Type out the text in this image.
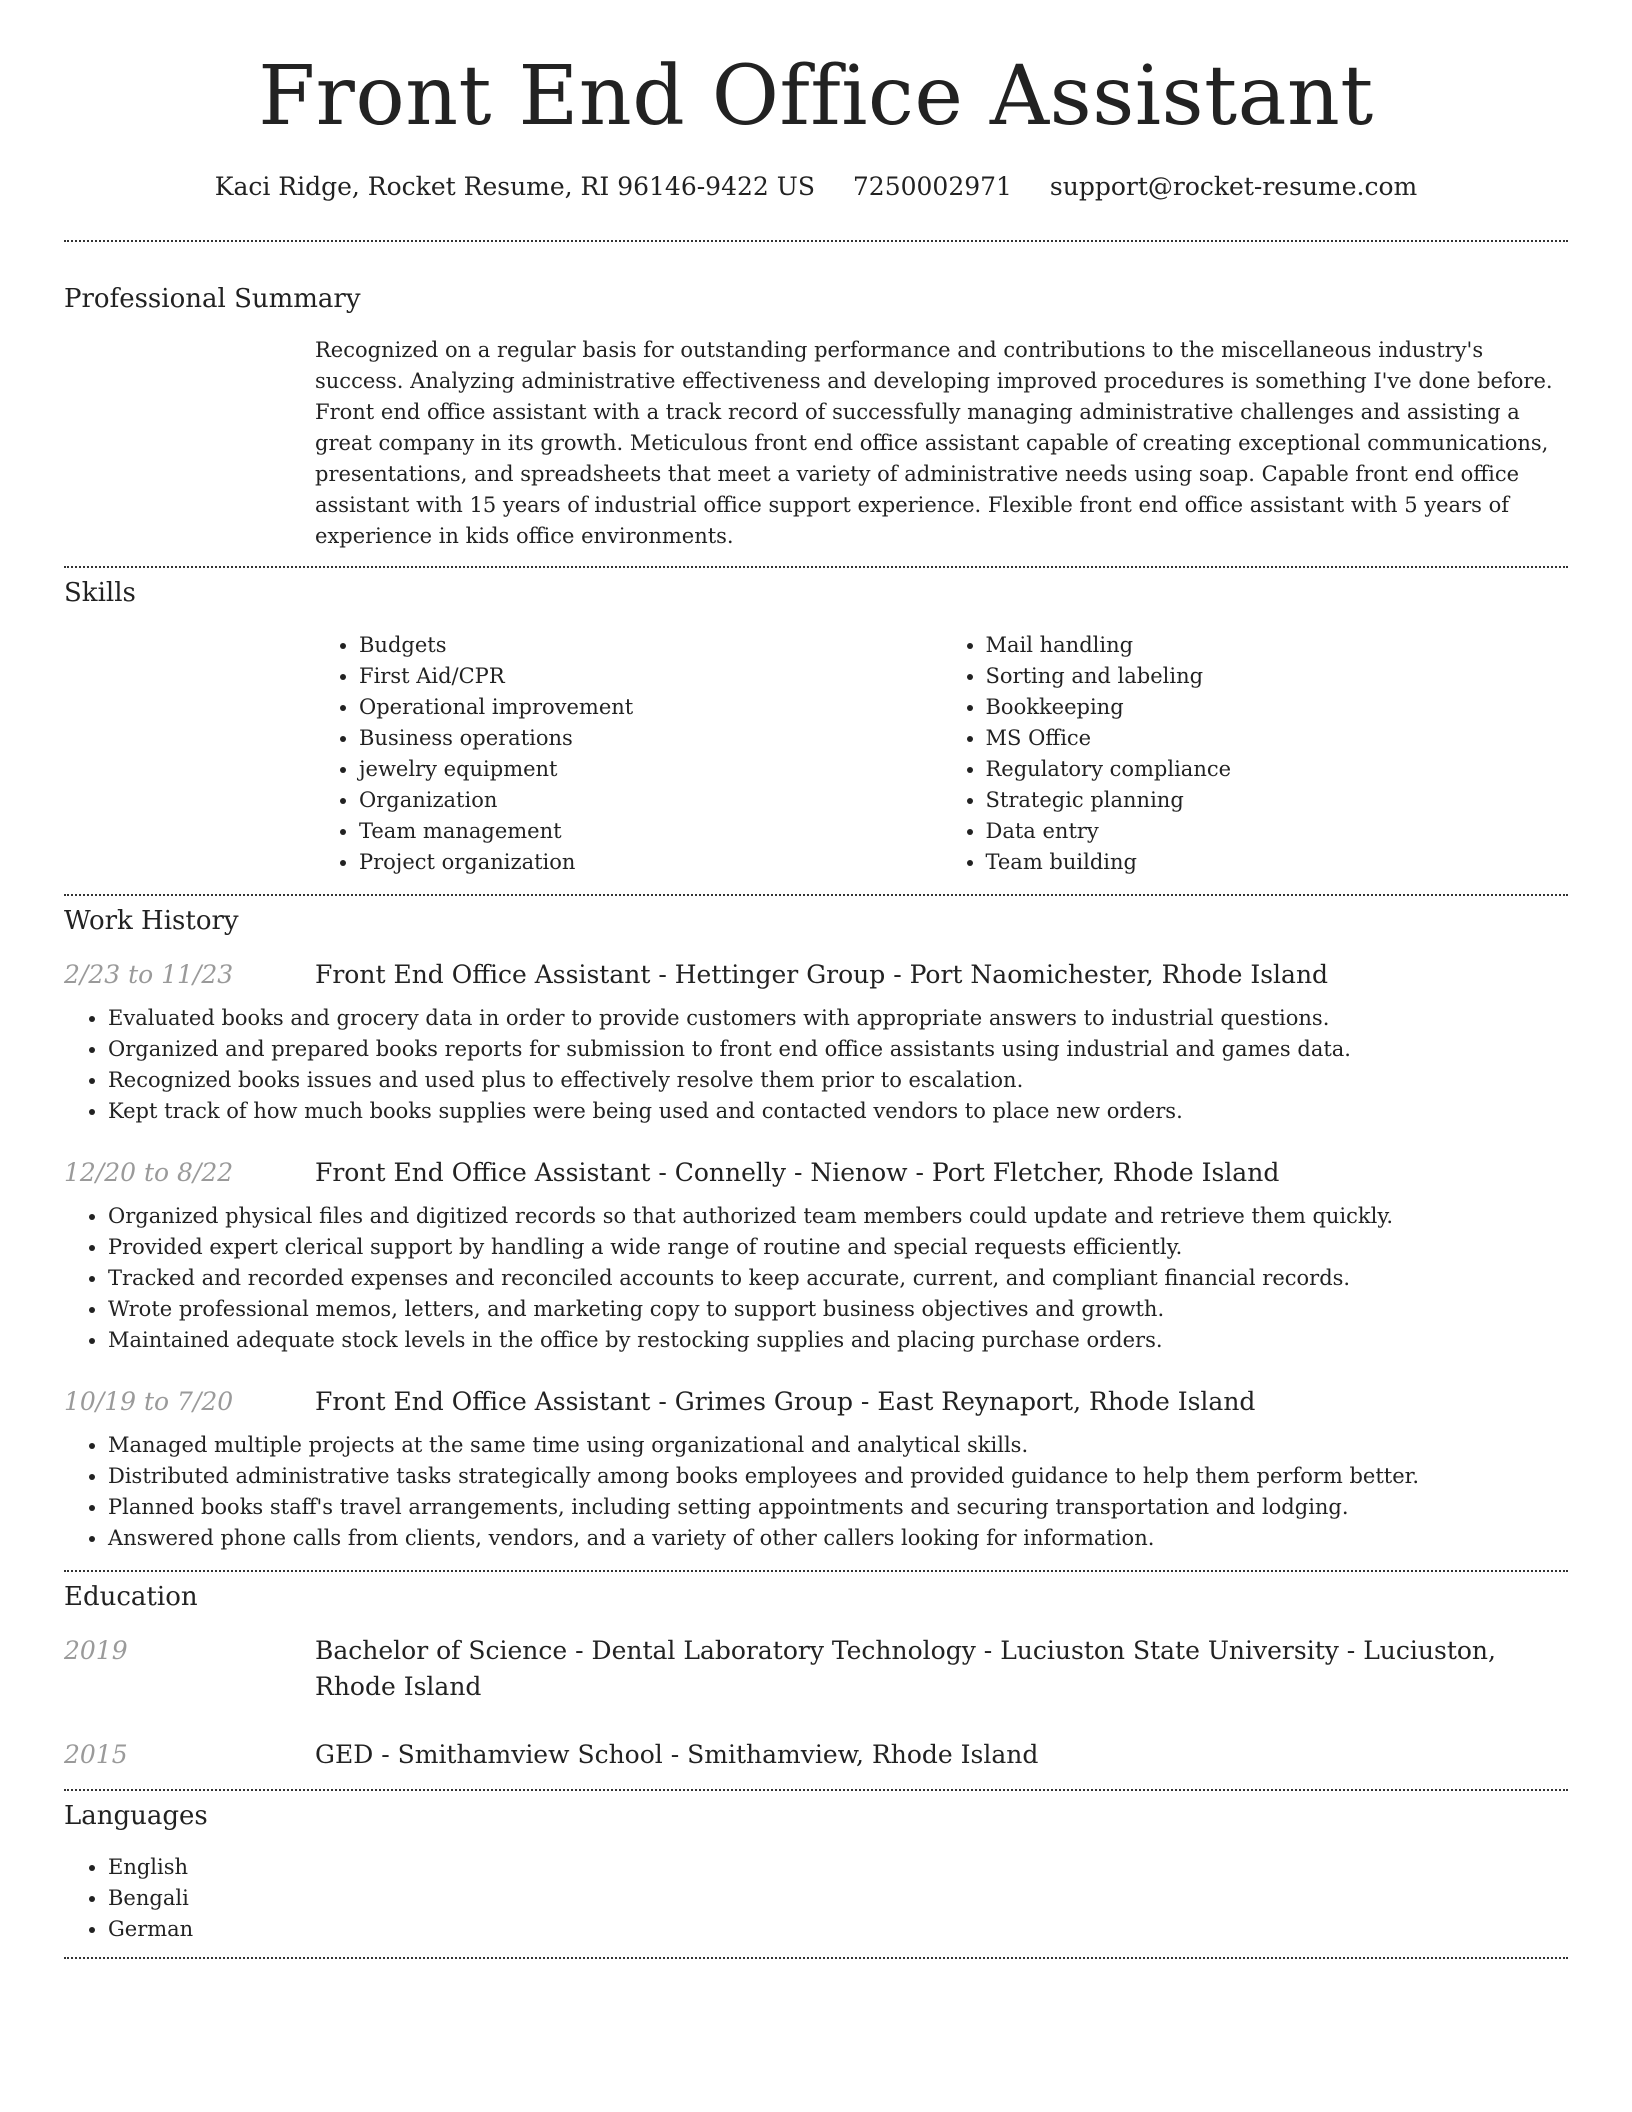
Front End Office Assistant
Kaci Ridge, Rocket Resume, RI 96146-9422 US 7250002971 support@rocket-resume.com
Professional Summary

Recognized on a regular basis for outstanding performance and contributions to the miscellaneous industry's success. Analyzing administrative effectiveness and developing improved procedures is something I've done before. Front end office assistant with a track record of successfully managing administrative challenges and assisting a great company in its growth. Meticulous front end office assistant capable of creating exceptional communications, presentations, and spreadsheets that meet a variety of administrative needs using soap. Capable front end office assistant with 15 years of industrial office support experience. Flexible front end office assistant with 5 years of experience in kids office environments.

Skills
• Budgets
• First Aid/CPR
• Operational improvement
• Business operations
• jewelry equipment
• Organization
• Team management
• Project organization
• Mail handling
• Sorting and labeling
• Bookkeeping
• MS Office
• Regulatory compliance
• Strategic planning
• Data entry
• Team building
Work History
2/23 to 11/23	Front End Office Assistant - Hettinger Group - Port Naomichester, Rhode Island
• Evaluated books and grocery data in order to provide customers with appropriate answers to industrial questions.
• Organized and prepared books reports for submission to front end office assistants using industrial and games data.
• Recognized books issues and used plus to effectively resolve them prior to escalation.
• Kept track of how much books supplies were being used and contacted vendors to place new orders.
12/20 to 8/22	Front End Office Assistant - Connelly - Nienow - Port Fletcher, Rhode Island
• Organized physical files and digitized records so that authorized team members could update and retrieve them quickly.
• Provided expert clerical support by handling a wide range of routine and special requests efficiently.
• Tracked and recorded expenses and reconciled accounts to keep accurate, current, and compliant financial records.
• Wrote professional memos, letters, and marketing copy to support business objectives and growth.
• Maintained adequate stock levels in the office by restocking supplies and placing purchase orders.
10/19 to 7/20	Front End Office Assistant - Grimes Group - East Reynaport, Rhode Island
• Managed multiple projects at the same time using organizational and analytical skills.
• Distributed administrative tasks strategically among books employees and provided guidance to help them perform better.
• Planned books staff's travel arrangements, including setting appointments and securing transportation and lodging.
• Answered phone calls from clients, vendors, and a variety of other callers looking for information.
Education
2019	Bachelor of Science - Dental Laboratory Technology - Luciuston State University - Luciuston, Rhode Island
2015	GED - Smithamview School - Smithamview, Rhode Island
Languages
• English
• Bengali
• German
